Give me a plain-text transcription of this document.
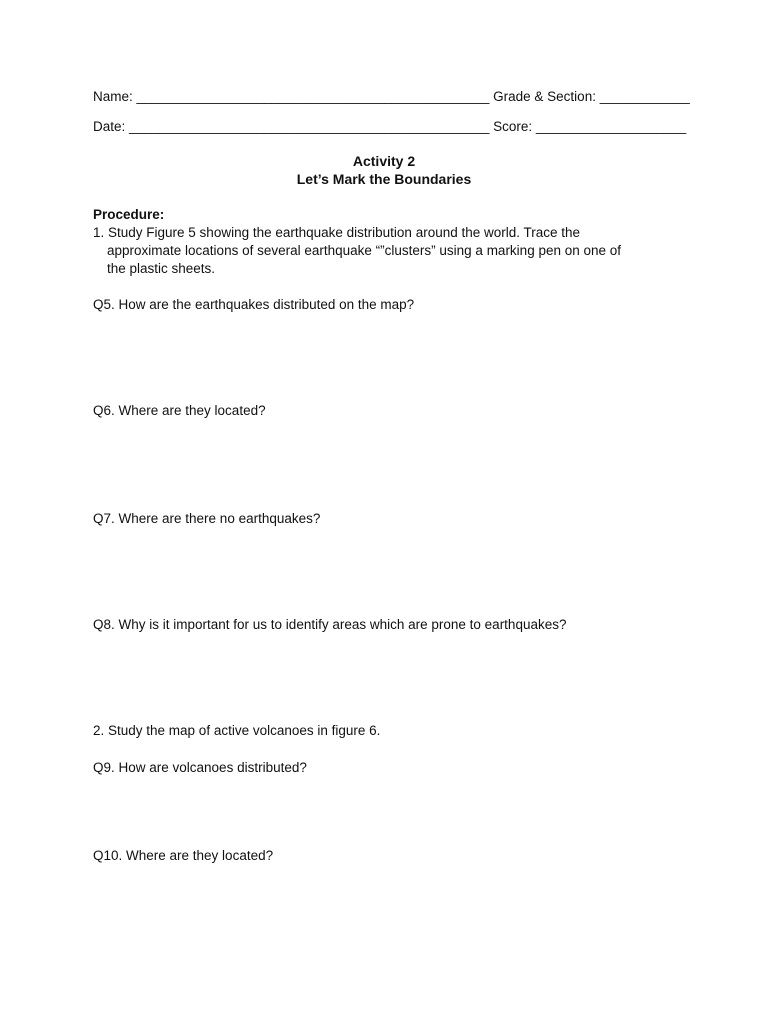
Name: _______________________________________________ Grade & Section: ____________
Date: ________________________________________________ Score: ____________________
Activity 2
Let’s Mark the Boundaries
Procedure:
1. Study Figure 5 showing the earthquake distribution around the world. Trace the
approximate locations of several earthquake “”clusters” using a marking pen on one of
the plastic sheets.
Q5. How are the earthquakes distributed on the map?
Q6. Where are they located?
Q7. Where are there no earthquakes?
Q8. Why is it important for us to identify areas which are prone to earthquakes?
2. Study the map of active volcanoes in figure 6.
Q9. How are volcanoes distributed?
Q10. Where are they located?
